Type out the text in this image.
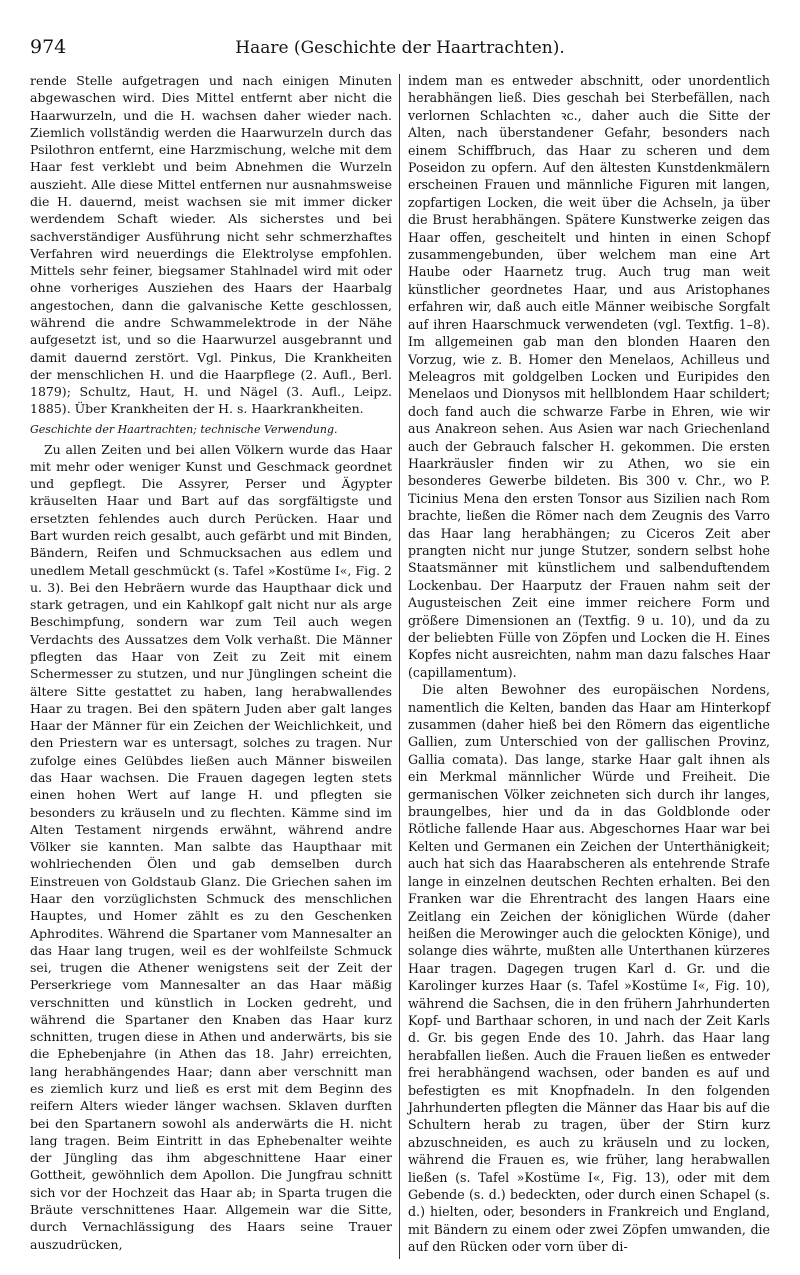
974	Haare (Geschichte der Haartrachten).

rende Stelle aufgetragen und nach einigen Minuten abgewaschen wird. Dies Mittel entfernt aber nicht die Haarwurzeln, und die H. wachsen daher wieder nach. Ziemlich vollständig werden die Haarwurzeln durch das Psilothron entfernt, eine Harzmischung, welche mit dem Haar fest verklebt und beim Abnehmen die Wurzeln auszieht. Alle diese Mittel entfernen nur ausnahmsweise die H. dauernd, meist wachsen sie mit immer dicker werdendem Schaft wieder. Als sicherstes und bei sachverständiger Ausführung nicht sehr schmerzhaftes Verfahren wird neuerdings die Elektrolyse empfohlen. Mittels sehr feiner, biegsamer Stahlnadel wird mit oder ohne vorheriges Ausziehen des Haars der Haarbalg angestochen, dann die galvanische Kette geschlossen, während die andre Schwammelektrode in der Nähe aufgesetzt ist, und so die Haarwurzel ausgebrannt und damit dauernd zerstört. Vgl. Pinkus, Die Krankheiten der menschlichen H. und die Haarpflege (2. Aufl., Berl. 1879); Schultz, Haut, H. und Nägel (3. Aufl., Leipz. 1885). Über Krankheiten der H. s. Haarkrankheiten.

Geschichte der Haartrachten; technische Verwendung.

Zu allen Zeiten und bei allen Völkern wurde das Haar mit mehr oder weniger Kunst und Geschmack geordnet und gepflegt. Die Assyrer, Perser und Ägypter kräuselten Haar und Bart auf das sorgfältigste und ersetzten fehlendes auch durch Perücken. Haar und Bart wurden reich gesalbt, auch gefärbt und mit Binden, Bändern, Reifen und Schmucksachen aus edlem und unedlem Metall geschmückt (s. Tafel »Kostüme I«, Fig. 2 u. 3). Bei den Hebräern wurde das Haupthaar dick und stark getragen, und ein Kahlkopf galt nicht nur als arge Beschimpfung, sondern war zum Teil auch wegen Verdachts des Aussatzes dem Volk verhaßt. Die Männer pflegten das Haar von Zeit zu Zeit mit einem Schermesser zu stutzen, und nur Jünglingen scheint die ältere Sitte gestattet zu haben, lang herabwallendes Haar zu tragen. Bei den spätern Juden aber galt langes Haar der Männer für ein Zeichen der Weichlichkeit, und den Priestern war es untersagt, solches zu tragen. Nur zufolge eines Gelübdes ließen auch Männer bisweilen das Haar wachsen. Die Frauen dagegen legten stets einen hohen Wert auf lange H. und pflegten sie besonders zu kräuseln und zu flechten. Kämme sind im Alten Testament nirgends erwähnt, während andre Völker sie kannten. Man salbte das Haupthaar mit wohlriechenden Ölen und gab demselben durch Einstreuen von Goldstaub Glanz. Die Griechen sahen im Haar den vorzüglichsten Schmuck des menschlichen Hauptes, und Homer zählt es zu den Geschenken Aphrodites. Während die Spartaner vom Mannesalter an das Haar lang trugen, weil es der wohlfeilste Schmuck sei, trugen die Athener wenigstens seit der Zeit der Perserkriege vom Mannesalter an das Haar mäßig verschnitten und künstlich in Locken gedreht, und während die Spartaner den Knaben das Haar kurz schnitten, trugen diese in Athen und anderwärts, bis sie die Ephebenjahre (in Athen das 18. Jahr) erreichten, lang herabhängendes Haar; dann aber verschnitt man es ziemlich kurz und ließ es erst mit dem Beginn des reifern Alters wieder länger wachsen. Sklaven durften bei den Spartanern sowohl als anderwärts die H. nicht lang tragen. Beim Eintritt in das Ephebenalter weihte der Jüngling das ihm abgeschnittene Haar einer Gottheit, gewöhnlich dem Apollon. Die Jungfrau schnitt sich vor der Hochzeit das Haar ab; in Sparta trugen die Bräute verschnittenes Haar. Allgemein war die Sitte, durch Vernachlässigung des Haars seine Trauer auszudrücken,

indem man es entweder abschnitt, oder unordentlich herabhängen ließ. Dies geschah bei Sterbefällen, nach verlornen Schlachten ꝛc., daher auch die Sitte der Alten, nach überstandener Gefahr, besonders nach einem Schiffbruch, das Haar zu scheren und dem Poseidon zu opfern. Auf den ältesten Kunstdenkmälern erscheinen Frauen und männliche Figuren mit langen, zopfartigen Locken, die weit über die Achseln, ja über die Brust herabhängen. Spätere Kunstwerke zeigen das Haar offen, gescheitelt und hinten in einen Schopf zusammengebunden, über welchem man eine Art Haube oder Haarnetz trug. Auch trug man weit künstlicher geordnetes Haar, und aus Aristophanes erfahren wir, daß auch eitle Männer weibische Sorgfalt auf ihren Haarschmuck verwendeten (vgl. Textfig. 1–8). Im allgemeinen gab man den blonden Haaren den Vorzug, wie z. B. Homer den Menelaos, Achilleus und Meleagros mit goldgelben Locken und Euripides den Menelaos und Dionysos mit hellblondem Haar schildert; doch fand auch die schwarze Farbe in Ehren, wie wir aus Anakreon sehen. Aus Asien war nach Griechenland auch der Gebrauch falscher H. gekommen. Die ersten Haarkräusler finden wir zu Athen, wo sie ein besonderes Gewerbe bildeten. Bis 300 v. Chr., wo P. Ticinius Mena den ersten Tonsor aus Sizilien nach Rom brachte, ließen die Römer nach dem Zeugnis des Varro das Haar lang herabhängen; zu Ciceros Zeit aber prangten nicht nur junge Stutzer, sondern selbst hohe Staatsmänner mit künstlichem und salbenduftendem Lockenbau. Der Haarputz der Frauen nahm seit der Augusteischen Zeit eine immer reichere Form und größere Dimensionen an (Textfig. 9 u. 10), und da zu der beliebten Fülle von Zöpfen und Locken die H. Eines Kopfes nicht ausreichten, nahm man dazu falsches Haar (capillamentum).

Die alten Bewohner des europäischen Nordens, namentlich die Kelten, banden das Haar am Hinterkopf zusammen (daher hieß bei den Römern das eigentliche Gallien, zum Unterschied von der gallischen Provinz, Gallia comata). Das lange, starke Haar galt ihnen als ein Merkmal männlicher Würde und Freiheit. Die germanischen Völker zeichneten sich durch ihr langes, braungelbes, hier und da in das Goldblonde oder Rötliche fallende Haar aus. Abgeschornes Haar war bei Kelten und Germanen ein Zeichen der Unterthänigkeit; auch hat sich das Haarabscheren als entehrende Strafe lange in einzelnen deutschen Rechten erhalten. Bei den Franken war die Ehrentracht des langen Haars eine Zeitlang ein Zeichen der königlichen Würde (daher heißen die Merowinger auch die gelockten Könige), und solange dies währte, mußten alle Unterthanen kürzeres Haar tragen. Dagegen trugen Karl d. Gr. und die Karolinger kurzes Haar (s. Tafel »Kostüme I«, Fig. 10), während die Sachsen, die in den frühern Jahrhunderten Kopf- und Barthaar schoren, in und nach der Zeit Karls d. Gr. bis gegen Ende des 10. Jahrh. das Haar lang herabfallen ließen. Auch die Frauen ließen es entweder frei herabhängend wachsen, oder banden es auf und befestigten es mit Knopfnadeln. In den folgenden Jahrhunderten pflegten die Männer das Haar bis auf die Schultern herab zu tragen, über der Stirn kurz abzuschneiden, es auch zu kräuseln und zu locken, während die Frauen es, wie früher, lang herabwallen ließen (s. Tafel »Kostüme I«, Fig. 13), oder mit dem Gebende (s. d.) bedeckten, oder durch einen Schapel (s. d.) hielten, oder, besonders in Frankreich und England, mit Bändern zu einem oder zwei Zöpfen umwanden, die auf den Rücken oder vorn über di-
